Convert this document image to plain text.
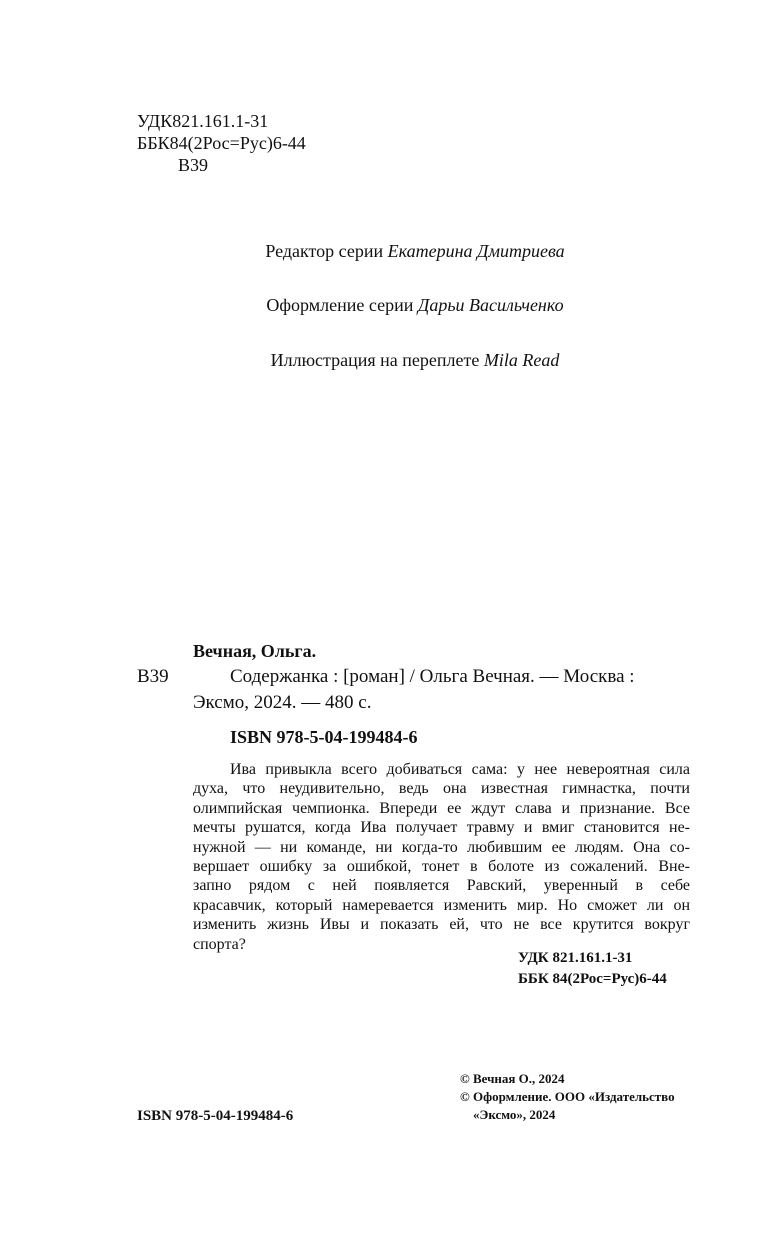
УДК821.161.1-31
ББК84(2Рос=Рус)6-44
В39
Редактор серии Екатерина Дмитриева
Оформление серии Дарьи Васильченко
Иллюстрация на переплете Mila Read
Вечная, Ольга.
В39	Содержанка : [роман] / Ольга Вечная. — Москва :
Эксмо, 2024. — 480 с.
ISBN 978-5-04-199484-6
Ива привыкла всего добиваться сама: у нее невероятная сила
духа, что неудивительно, ведь она известная гимнастка, почти
олимпийская чемпионка. Впереди ее ждут слава и признание. Все
мечты рушатся, когда Ива получает травму и вмиг становится не-
нужной — ни команде, ни когда-то любившим ее людям. Она со-
вершает ошибку за ошибкой, тонет в болоте из сожалений. Вне-
запно рядом с ней появляется Равский, уверенный в себе
красавчик, который намеревается изменить мир. Но сможет ли он
изменить жизнь Ивы и показать ей, что не все крутится вокруг
спорта?
УДК 821.161.1-31
ББК 84(2Рос=Рус)6-44
© Вечная О., 2024
© Оформление. ООО «Издательство
«Эксмо», 2024
ISBN 978-5-04-199484-6
